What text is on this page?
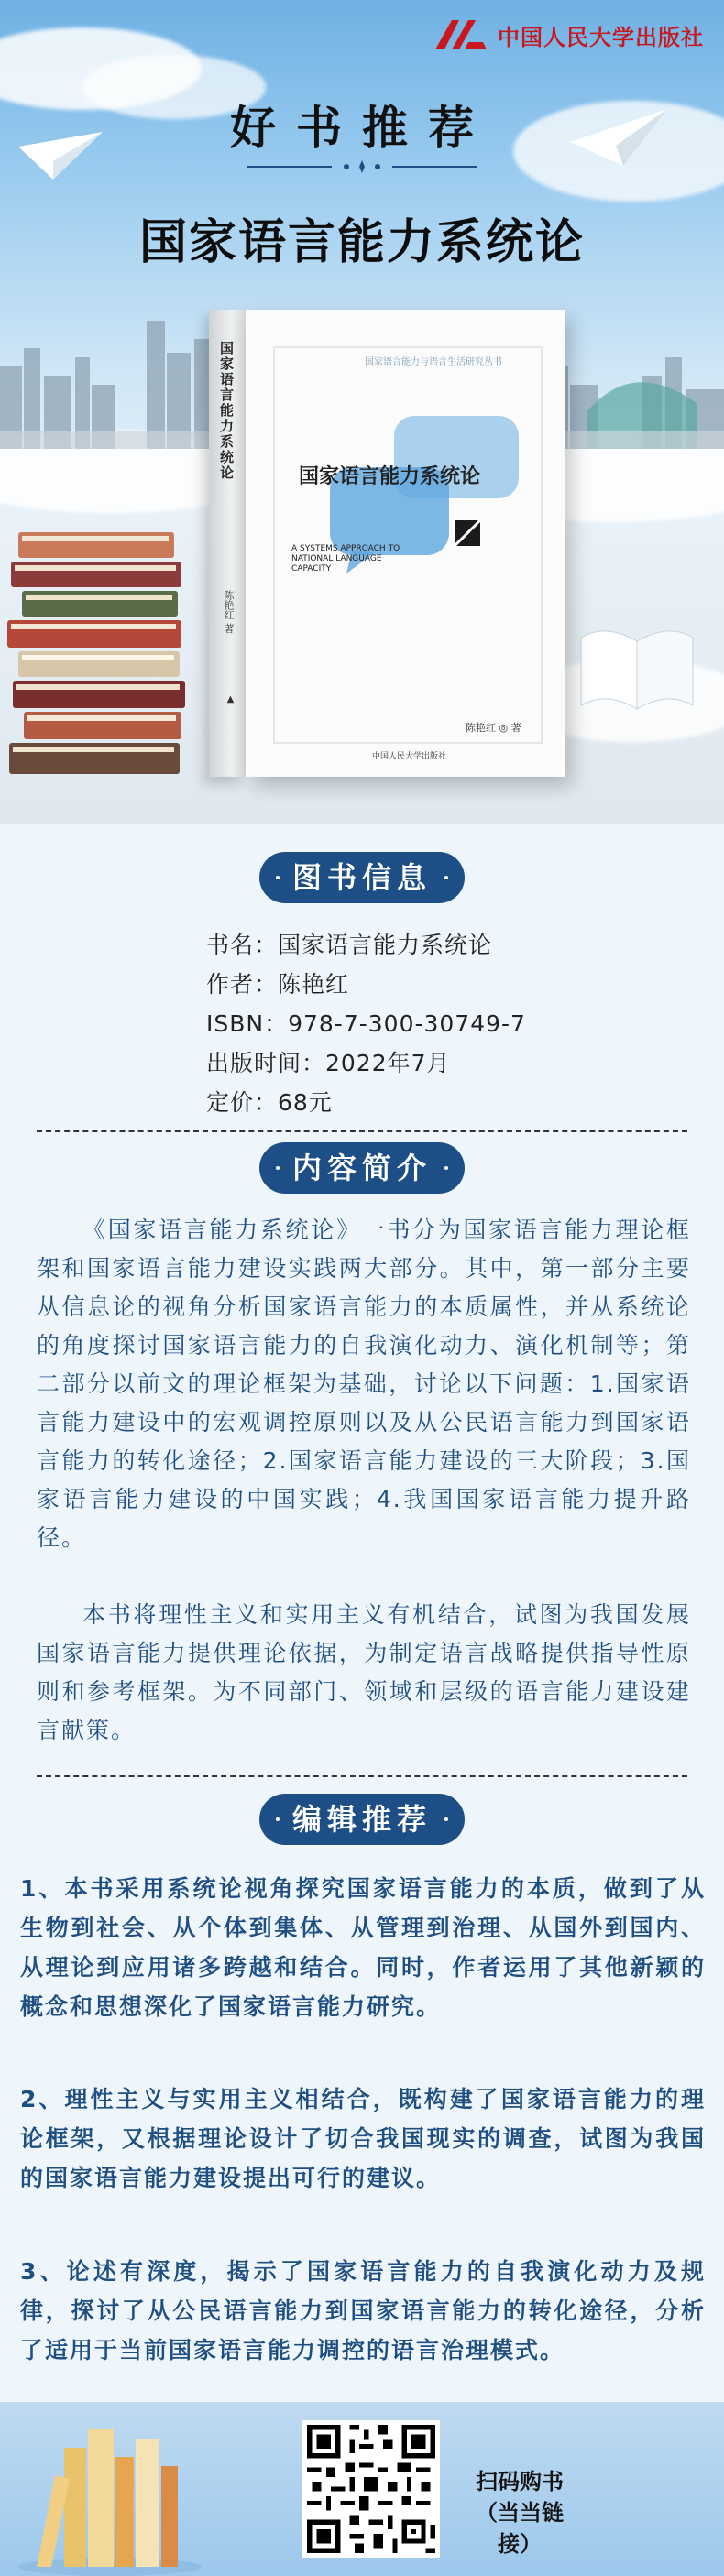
中国人民大学出版社
好书推荐
国家语言能力系统论
国家语言能力系统论
陈艳红 著
▲
国家语言能力与语言生活研究丛书
国家语言能力系统论
A SYSTEMS APPROACH TO NATIONAL LANGUAGE CAPACITY
陈艳红 ◎ 著
中国人民大学出版社
图书信息
书名：国家语言能力系统论
作者：陈艳红
ISBN：978-7-300-30749-7
出版时间：2022年7月
定价：68元
内容简介

《国家语言能力系统论》一书分为国家语言能力理论框架和国家语言能力建设实践两大部分。其中，第一部分主要从信息论的视角分析国家语言能力的本质属性，并从系统论的角度探讨国家语言能力的自我演化动力、演化机制等；第二部分以前文的理论框架为基础，讨论以下问题：1.国家语言能力建设中的宏观调控原则以及从公民语言能力到国家语言能力的转化途径；2.国家语言能力建设的三大阶段；3.国家语言能力建设的中国实践；4.我国国家语言能力提升路径。

本书将理性主义和实用主义有机结合，试图为我国发展国家语言能力提供理论依据，为制定语言战略提供指导性原则和参考框架。为不同部门、领域和层级的语言能力建设建言献策。

编辑推荐

1、本书采用系统论视角探究国家语言能力的本质，做到了从生物到社会、从个体到集体、从管理到治理、从国外到国内、从理论到应用诸多跨越和结合。同时，作者运用了其他新颖的概念和思想深化了国家语言能力研究。

2、理性主义与实用主义相结合，既构建了国家语言能力的理论框架，又根据理论设计了切合我国现实的调查，试图为我国的国家语言能力建设提出可行的建议。

3、论述有深度，揭示了国家语言能力的自我演化动力及规律，探讨了从公民语言能力到国家语言能力的转化途径，分析了适用于当前国家语言能力调控的语言治理模式。

扫码购书
（当当链接）
